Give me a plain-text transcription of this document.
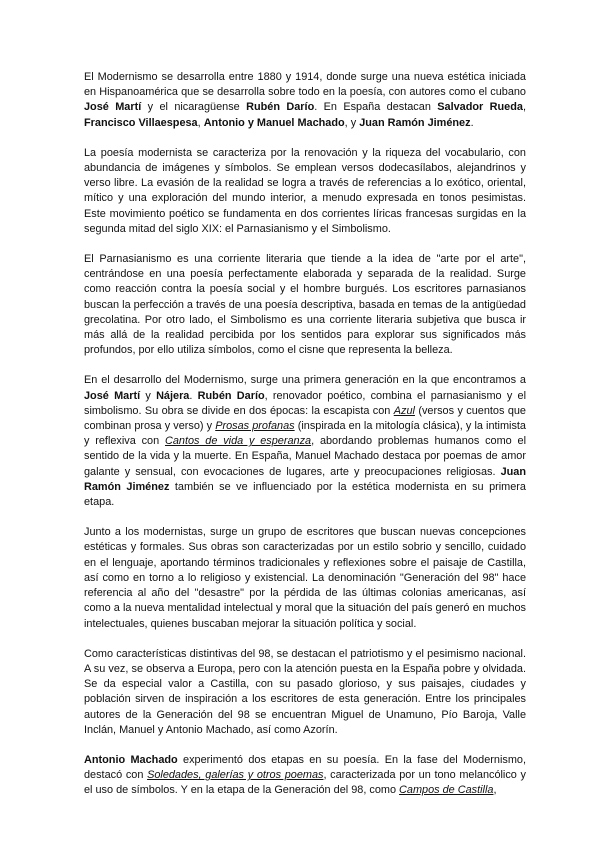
El Modernismo se desarrolla entre 1880 y 1914, donde surge una nueva estética iniciada en Hispanoamérica que se desarrolla sobre todo en la poesía, con autores como el cubano José Martí y el nicaragüense Rubén Darío. En España destacan Salvador Rueda, Francisco Villaespesa, Antonio y Manuel Machado, y Juan Ramón Jiménez.

La poesía modernista se caracteriza por la renovación y la riqueza del vocabulario, con abundancia de imágenes y símbolos. Se emplean versos dodecasílabos, alejandrinos y verso libre. La evasión de la realidad se logra a través de referencias a lo exótico, oriental, mítico y una exploración del mundo interior, a menudo expresada en tonos pesimistas. Este movimiento poético se fundamenta en dos corrientes líricas francesas surgidas en la segunda mitad del siglo XIX: el Parnasianismo y el Simbolismo.

El Parnasianismo es una corriente literaria que tiende a la idea de "arte por el arte", centrándose en una poesía perfectamente elaborada y separada de la realidad. Surge como reacción contra la poesía social y el hombre burgués. Los escritores parnasianos buscan la perfección a través de una poesía descriptiva, basada en temas de la antigüedad grecolatina. Por otro lado, el Simbolismo es una corriente literaria subjetiva que busca ir más allá de la realidad percibida por los sentidos para explorar sus significados más profundos, por ello utiliza símbolos, como el cisne que representa la belleza.

En el desarrollo del Modernismo, surge una primera generación en la que encontramos a José Martí y Nájera. Rubén Darío, renovador poético, combina el parnasianismo y el simbolismo. Su obra se divide en dos épocas: la escapista con Azul (versos y cuentos que combinan prosa y verso) y Prosas profanas (inspirada en la mitología clásica), y la intimista y reflexiva con Cantos de vida y esperanza, abordando problemas humanos como el sentido de la vida y la muerte. En España, Manuel Machado destaca por poemas de amor galante y sensual, con evocaciones de lugares, arte y preocupaciones religiosas. Juan Ramón Jiménez también se ve influenciado por la estética modernista en su primera etapa.

Junto a los modernistas, surge un grupo de escritores que buscan nuevas concepciones estéticas y formales. Sus obras son caracterizadas por un estilo sobrio y sencillo, cuidado en el lenguaje, aportando términos tradicionales y reflexiones sobre el paisaje de Castilla, así como en torno a lo religioso y existencial. La denominación "Generación del 98" hace referencia al año del "desastre" por la pérdida de las últimas colonias americanas, así como a la nueva mentalidad intelectual y moral que la situación del país generó en muchos intelectuales, quienes buscaban mejorar la situación política y social.

Como características distintivas del 98, se destacan el patriotismo y el pesimismo nacional. A su vez, se observa a Europa, pero con la atención puesta en la España pobre y olvidada. Se da especial valor a Castilla, con su pasado glorioso, y sus paisajes, ciudades y población sirven de inspiración a los escritores de esta generación. Entre los principales autores de la Generación del 98 se encuentran Miguel de Unamuno, Pío Baroja, Valle Inclán, Manuel y Antonio Machado, así como Azorín.

Antonio Machado experimentó dos etapas en su poesía. En la fase del Modernismo, destacó con Soledades, galerías y otros poemas, caracterizada por un tono melancólico y el uso de símbolos. Y en la etapa de la Generación del 98, como Campos de Castilla,
